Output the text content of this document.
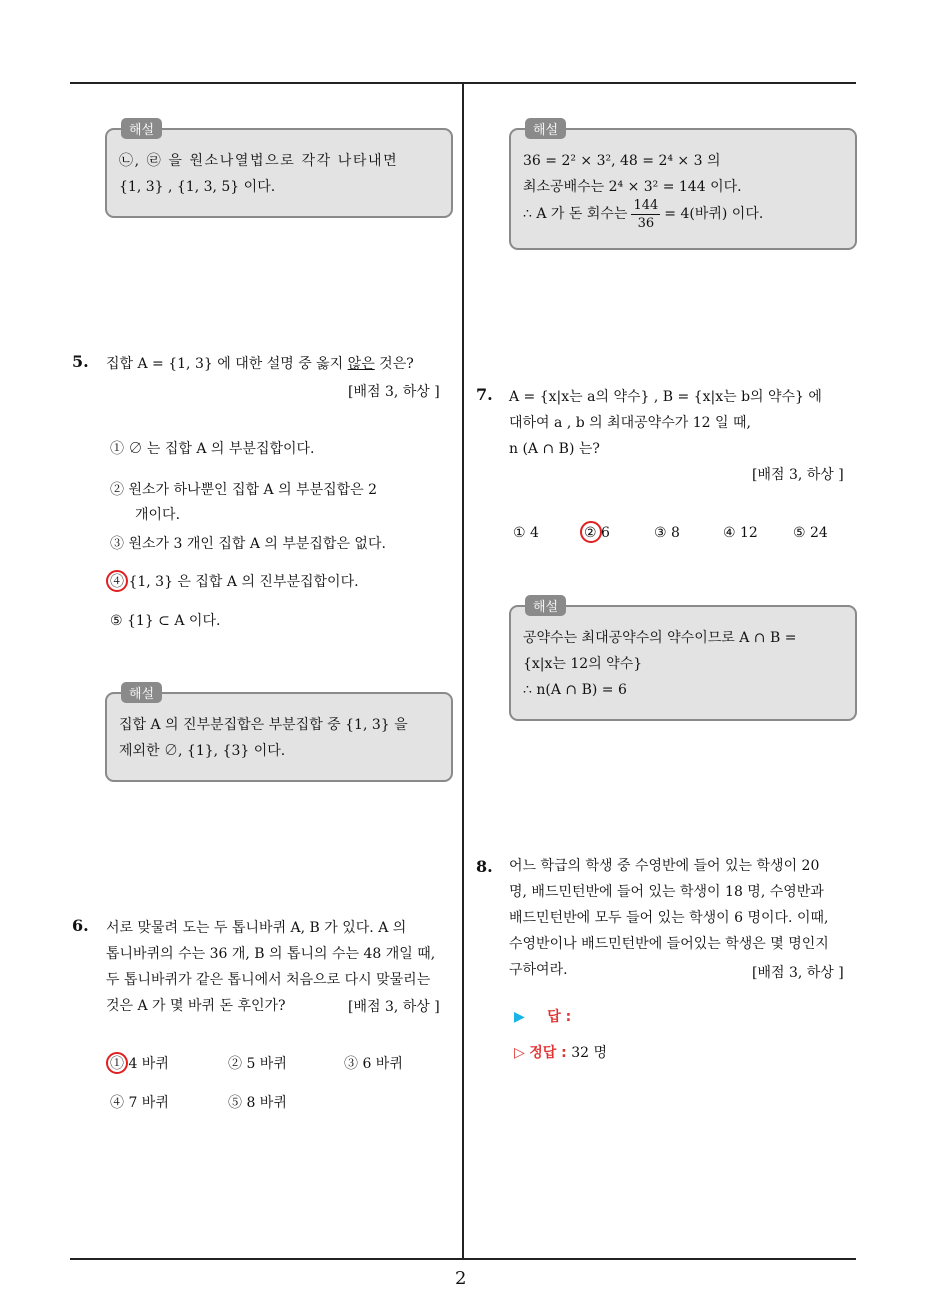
2
해설
㉡, ㉣ 을 원소나열법으로 각각 나타내면
{1, 3} , {1, 3, 5} 이다.
5. 집합 A = {1, 3} 에 대한 설명 중 옳지 않은 것은?
[배점 3, 하상 ]
① ∅ 는 집합 A 의 부분집합이다.
② 원소가 하나뿐인 집합 A 의 부분집합은 2
개이다.
③ 원소가 3 개인 집합 A 의 부분집합은 없다.
④ {1, 3} 은 집합 A 의 진부분집합이다.
⑤ {1} ⊂ A 이다.
해설
집합 A 의 진부분집합은 부분집합 중 {1, 3} 을
제외한 ∅, {1}, {3} 이다.
6. 서로 맞물려 도는 두 톱니바퀴 A, B 가 있다. A 의
톱니바퀴의 수는 36 개, B 의 톱니의 수는 48 개일 때,
두 톱니바퀴가 같은 톱니에서 처음으로 다시 맞물리는
것은 A 가 몇 바퀴 돈 후인가?	[배점 3, 하상 ]
① 4 바퀴	② 5 바퀴	③ 6 바퀴
④ 7 바퀴	⑤ 8 바퀴
해설
36 = 2² × 3², 48 = 2⁴ × 3 의
최소공배수는 2⁴ × 3² = 144 이다.
∴ A 가 돈 회수는 $\frac{144}{36} = 4$(바퀴) 이다.
7. A = {x|x는 a의 약수} , B = {x|x는 b의 약수} 에
대하여 a , b 의 최대공약수가 12 일 때,
n (A ∩ B) 는?
[배점 3, 하상 ]
① 4	② 6	③ 8	④ 12	⑤ 24
해설
공약수는 최대공약수의 약수이므로 A ∩ B =
{x|x는 12의 약수}
∴ n(A ∩ B) = 6
8. 어느 학급의 학생 중 수영반에 들어 있는 학생이 20
명, 배드민턴반에 들어 있는 학생이 18 명, 수영반과
배드민턴반에 모두 들어 있는 학생이 6 명이다. 이때,
수영반이나 배드민턴반에 들어있는 학생은 몇 명인지
구하여라.	[배점 3, 하상 ]
▶ 답 :
▷ 정답 : 32 명
